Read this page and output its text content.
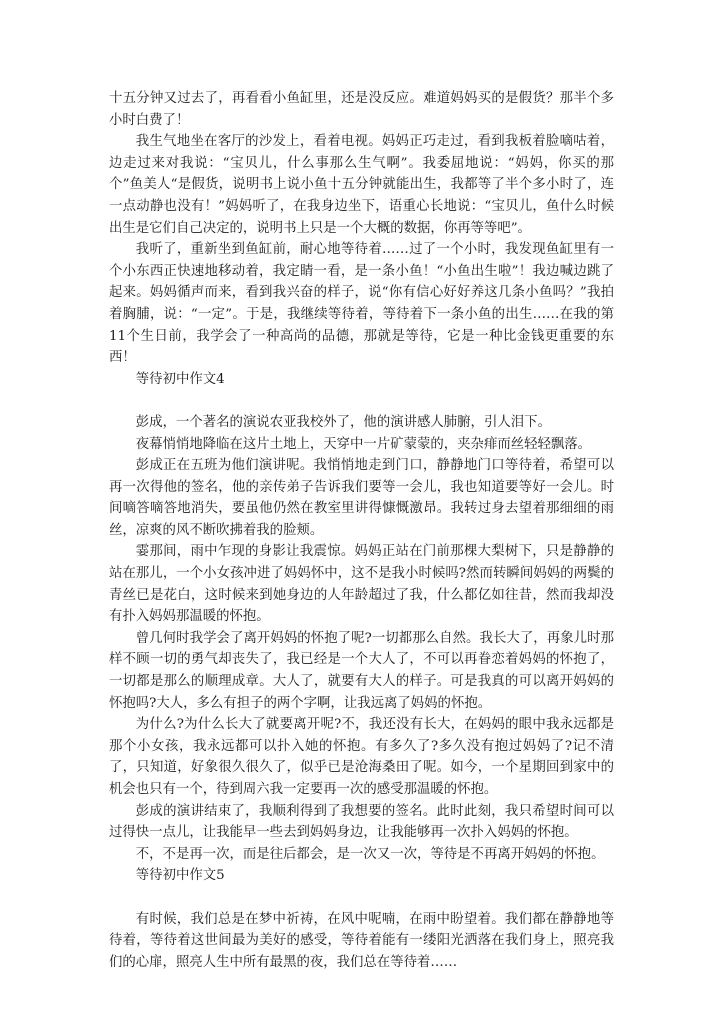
十五分钟又过去了，再看看小鱼缸里，还是没反应。难道妈妈买的是假货？那半个多小时白费了！

我生气地坐在客厅的沙发上，看着电视。妈妈正巧走过，看到我板着脸嘀咕着，边走过来对我说：“宝贝儿，什么事那么生气啊”。我委屈地说：“妈妈，你买的那个”鱼美人“是假货，说明书上说小鱼十五分钟就能出生，我都等了半个多小时了，连一点动静也没有！”妈妈听了，在我身边坐下，语重心长地说：“宝贝儿，鱼什么时候出生是它们自己决定的，说明书上只是一个大概的数据，你再等等吧”。

我听了，重新坐到鱼缸前，耐心地等待着……过了一个小时，我发现鱼缸里有一个小东西正快速地移动着，我定睛一看，是一条小鱼！“小鱼出生啦”！我边喊边跳了起来。妈妈循声而来，看到我兴奋的样子，说“你有信心好好养这几条小鱼吗？”我拍着胸脯，说：“一定”。于是，我继续等待着，等待着下一条小鱼的出生……在我的第11个生日前，我学会了一种高尚的品德，那就是等待，它是一种比金钱更重要的东西！

等待初中作文4

彭成，一个著名的演说农亚我校外了，他的演讲感人肺腑，引人泪下。

夜幕悄悄地降临在这片土地上，天穿中一片矿蒙蒙的，夹杂痱而丝轻轻飘落。

彭成正在五班为他们演讲呢。我悄悄地走到门口，静静地门口等待着，希望可以再一次得他的签名，他的亲传弟子告诉我们要等一会儿，我也知道要等好一会儿。时间嘀答嘀答地消失，要虽他仍然在教室里讲得慷慨激昂。我转过身去望着那细细的雨丝，凉爽的风不断吹拂着我的脸颊。

霎那间，雨中乍现的身影让我震惊。妈妈正站在门前那棵大梨树下，只是静静的站在那儿，一个小女孩冲进了妈妈怀中，这不是我小时候吗?然而转瞬间妈妈的两鬓的青丝已是花白，这时候来到她身边的人年龄超过了我，什么都亿如往昔，然而我却没有扑入妈妈那温暖的怀抱。

曾几何时我学会了离开妈妈的怀抱了呢?一切都那么自然。我长大了，再象儿时那样不顾一切的勇气却丧失了，我已经是一个大人了，不可以再眷恋着妈妈的怀抱了，一切都是那么的顺理成章。大人了，就要有大人的样子。可是我真的可以离开妈妈的怀抱吗?大人，多么有担子的两个字啊，让我远离了妈妈的怀抱。

为什么?为什么长大了就要离开呢?不，我还没有长大，在妈妈的眼中我永远都是那个小女孩，我永远都可以扑入她的怀抱。有多久了?多久没有抱过妈妈了?记不清了，只知道，好象很久很久了，似乎已是沧海桑田了呢。如今，一个星期回到家中的机会也只有一个，待到周六我一定要再一次的感受那温暖的怀抱。

彭成的演讲结束了，我顺利得到了我想要的签名。此时此刻，我只希望时间可以过得快一点儿，让我能早一些去到妈妈身边，让我能够再一次扑入妈妈的怀抱。

不，不是再一次，而是往后都会，是一次又一次，等待是不再离开妈妈的怀抱。

等待初中作文5

有时候，我们总是在梦中祈祷，在风中呢喃，在雨中盼望着。我们都在静静地等待着，等待着这世间最为美好的感受，等待着能有一缕阳光洒落在我们身上，照亮我们的心扉，照亮人生中所有最黑的夜，我们总在等待着……
